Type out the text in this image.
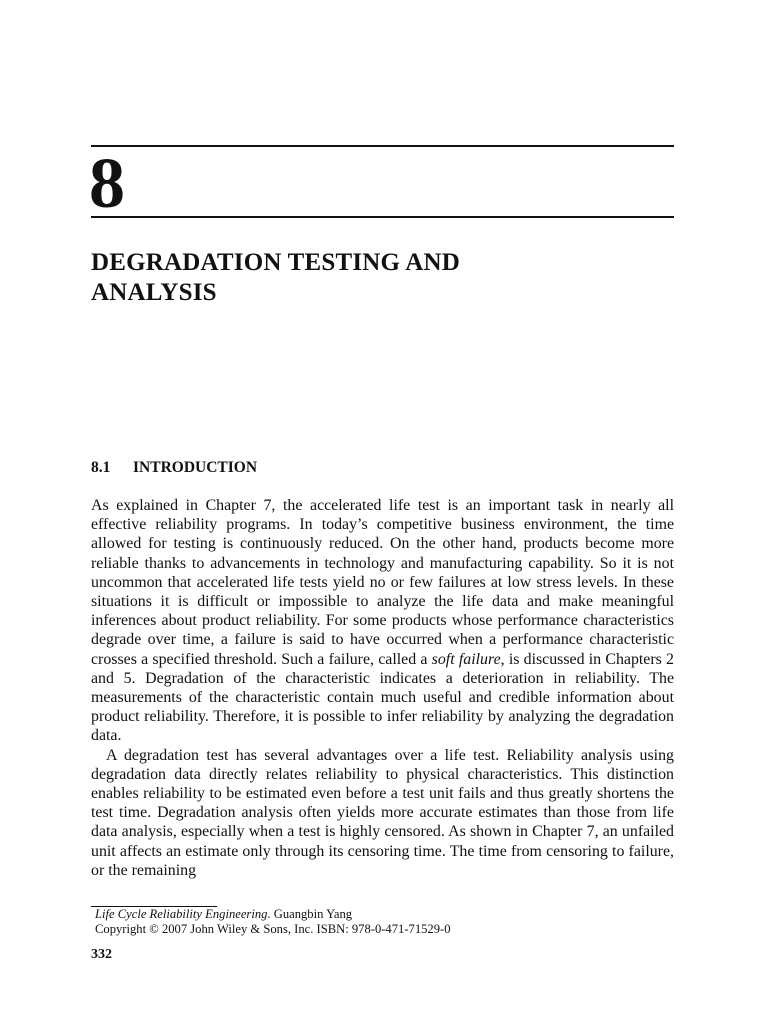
8
DEGRADATION TESTING AND
ANALYSIS
8.1 INTRODUCTION

As explained in Chapter 7, the accelerated life test is an important task in nearly all effective reliability programs. In today’s competitive business environment, the time allowed for testing is continuously reduced. On the other hand, products become more reliable thanks to advancements in technology and manufacturing capability. So it is not uncommon that accelerated life tests yield no or few failures at low stress levels. In these situations it is difficult or impossible to analyze the life data and make meaningful inferences about product reliability. For some products whose performance characteristics degrade over time, a failure is said to have occurred when a performance characteristic crosses a specified threshold. Such a failure, called a soft failure, is discussed in Chapters 2 and 5. Degradation of the characteristic indicates a deterioration in reliability. The measurements of the characteristic contain much useful and credible information about product reliability. Therefore, it is possible to infer reliability by analyzing the degradation data.

A degradation test has several advantages over a life test. Reliability analysis using degradation data directly relates reliability to physical characteristics. This distinction enables reliability to be estimated even before a test unit fails and thus greatly shortens the test time. Degradation analysis often yields more accurate estimates than those from life data analysis, especially when a test is highly censored. As shown in Chapter 7, an unfailed unit affects an estimate only through its censoring time. The time from censoring to failure, or the remaining

Life Cycle Reliability Engineering. Guangbin Yang
Copyright © 2007 John Wiley & Sons, Inc. ISBN: 978-0-471-71529-0
332
